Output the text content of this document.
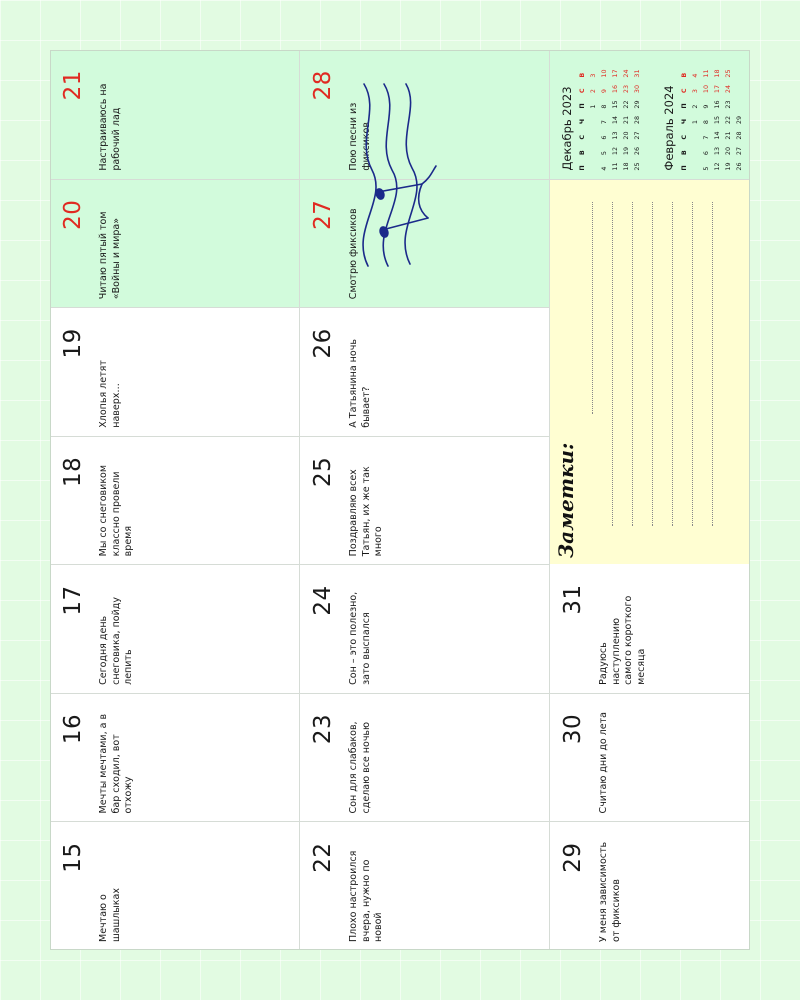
15
Мечтаю о шашлыках
16 Мечты мечтами, а в бар сходил, вот отхожу
17
Сегодня день снеговика, пойду лепить
18 Мы со снеговиком классно провели время
19
Хлопья летят наверх…
20 Читаю пятый том «Войны и мира»
21 Настраиваюсь на рабочий лад
22 Плохо настроился вчера, нужно по новой
23 Сон для слабаков, сделаю все ночью
24 Сон – это полезно, зато выспался
25 Поздравляю всех Татьян, их же так много
26 А Татьянина ночь бывает?
27 Смотрю фиксиков
28
Пою песни из фиксиков
29 У меня зависимость от фиксиков
30 Считаю дни до лета
31
Радуюсь наступлению самого короткого месяца
Заметки:
Декабрь 2023 П
В
С
Ч
П
С
В
1
2
3
4
5
6
7
8
9
10
11
12
13
14
15
16
17
18
19
20
21
22
23
24
25
26
27
28
29
30
31
Февраль 2024 П
В
С
Ч
П
С
В
1
2
3
4
5
6
7
8
9
10
11
12
13
14
15
16
17
18
19
20
21
22
23
24
25
26
27
28
29
